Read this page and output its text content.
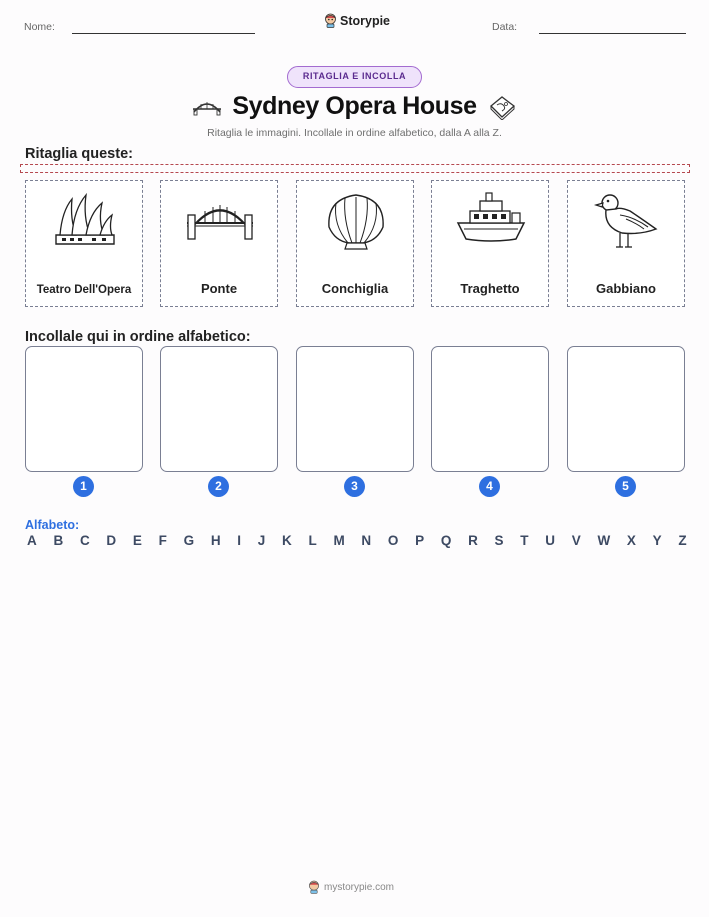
Nome:	Storypie	Data:
RITAGLIA E INCOLLA
Sydney Opera House
Ritaglia le immagini. Incollale in ordine alfabetico, dalla A alla Z.
Ritaglia queste:
Teatro Dell'Opera	Ponte	Conchiglia	Traghetto	Gabbiano
Incollale qui in ordine alfabetico:
1	2	3	4	5
Alfabeto:
A B C D E F G H I J K L M N O P Q R S T U V W X Y Z
mystorypie.com
